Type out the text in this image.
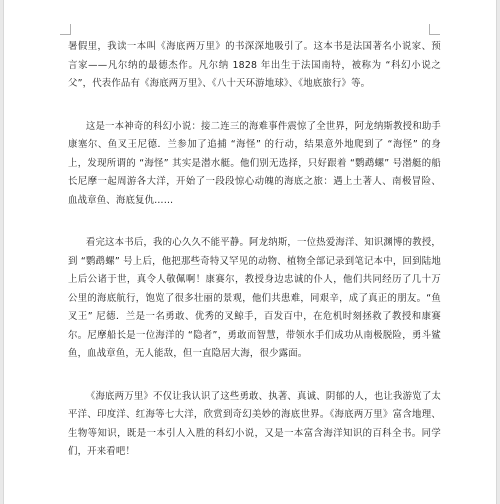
暑假里，我读一本叫《海底两万里》的书深深地吸引了。这本书是法国著名小说家、预言家——凡尔纳的最德杰作。凡尔纳 1828 年出生于法国南特，被称为 “科幻小说之父”，代表作品有《海底两万里》、《八十天环游地球》、《地底旅行》等。

这是一本神奇的科幻小说：接二连三的海难事件震惊了全世界，阿龙纳斯教授和助手康塞尔、鱼叉王尼德．兰参加了追捕 “海怪” 的行动，结果意外地爬到了 “海怪” 的身上，发现所谓的 “海怪” 其实是潜水艇。他们别无选择，只好跟着 “鹦鹉螺” 号潜艇的船长尼摩一起周游各大洋，开始了一段段惊心动魄的海底之旅：遇上土著人、南极冒险、血战章鱼、海底复仇……

看完这本书后，我的心久久不能平静。阿龙纳斯，一位热爱海洋、知识渊博的教授，到 “鹦鹉螺” 号上后，他把那些奇特又罕见的动物、植物全部记录到笔记本中，回到陆地上后公诸于世，真令人敬佩啊！康赛尔，教授身边忠诚的仆人，他们共同经历了几十万公里的海底航行，饱览了很多壮丽的景观，他们共患难，同艰辛，成了真正的朋友。“鱼叉王” 尼德．兰是一名勇敢、优秀的叉鲸手，百发百中，在危机时刻拯救了教授和康赛尔。尼摩船长是一位海洋的 “隐者”，勇敢而智慧，带领水手们成功从南极脱险，勇斗鲨鱼，血战章鱼，无人能敌，但一直隐居大海，很少露面。

《海底两万里》不仅让我认识了这些勇敢、执著、真诚、阴郁的人，也让我游览了太平洋、印度洋、红海等七大洋，欣赏到奇幻美妙的海底世界。《海底两万里》富含地理、生物等知识，既是一本引人入胜的科幻小说，又是一本富含海洋知识的百科全书。同学们，开来看吧！
